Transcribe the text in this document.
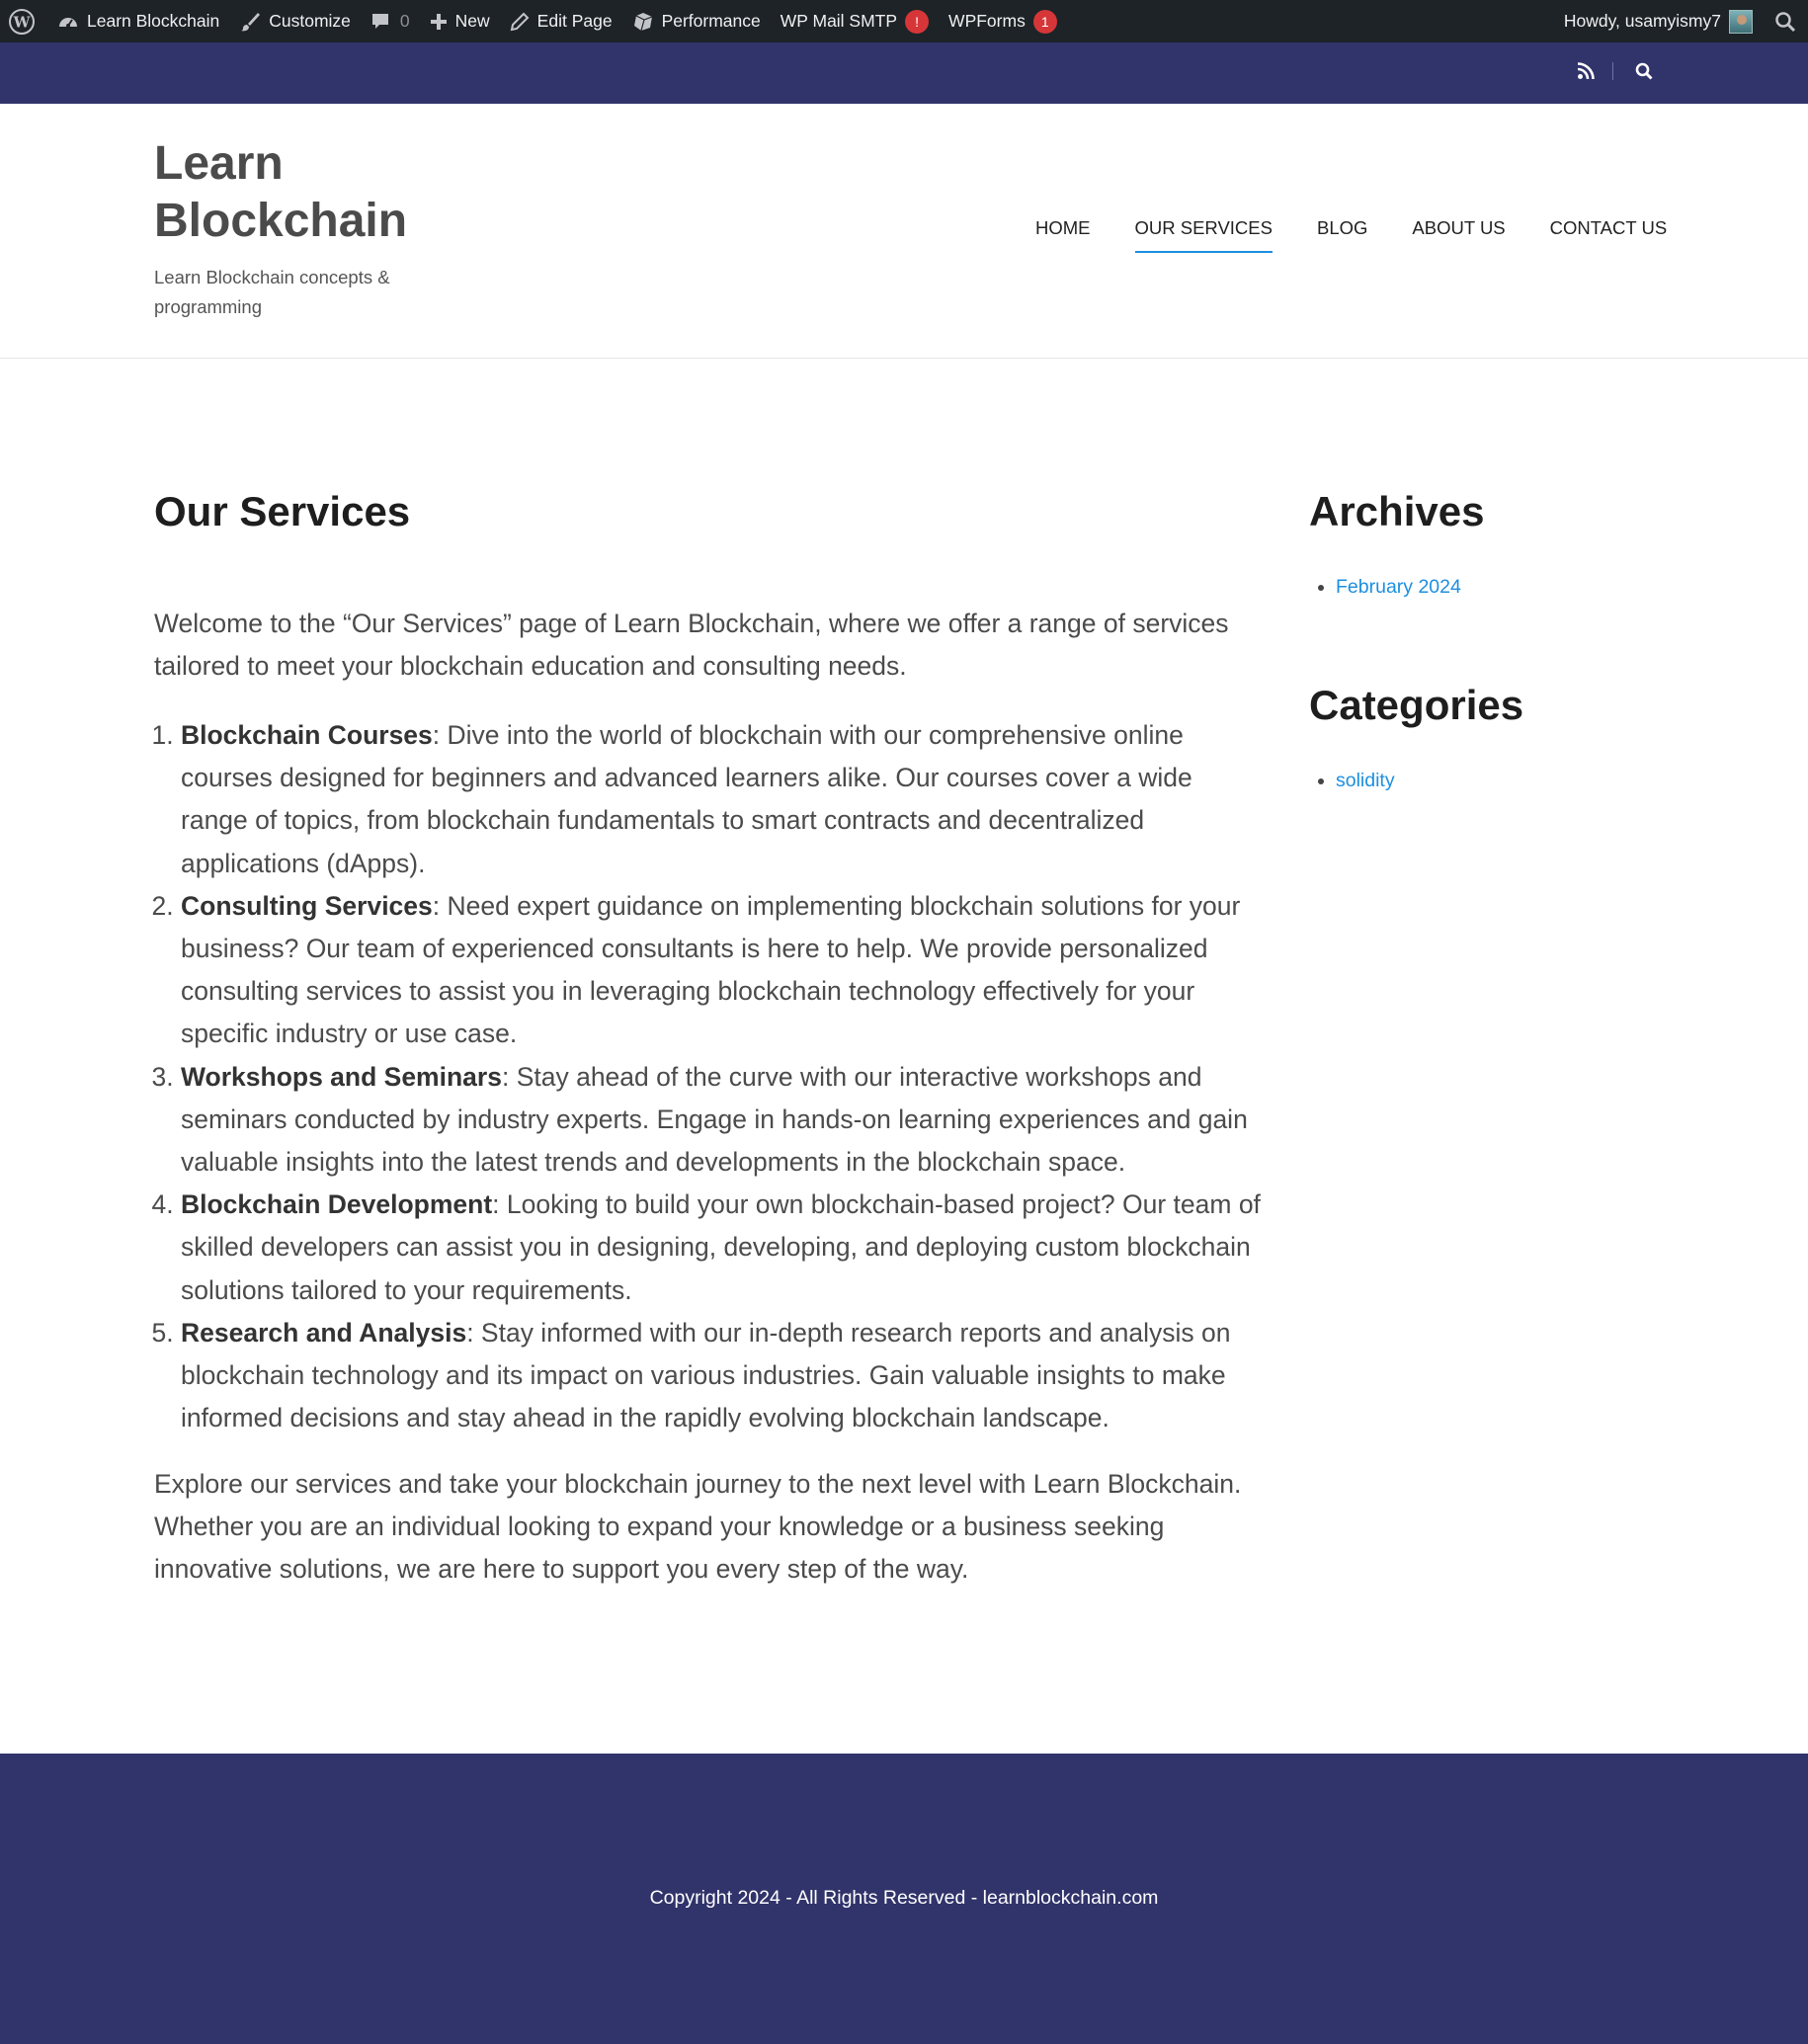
W	Learn Blockchain	Customize	0	New	Edit Page	Performance WP Mail SMTP	!	WPForms	1	Howdy, usamyismy7
Learn Blockchain
Learn Blockchain concepts & programming
HOME OUR SERVICES BLOG ABOUT US CONTACT US
Our Services

Welcome to the “Our Services” page of Learn Blockchain, where we offer a range of services tailored to meet your blockchain education and consulting needs.

1. Blockchain Courses: Dive into the world of blockchain with our comprehensive online courses designed for beginners and advanced learners alike. Our courses cover a wide range of topics, from blockchain fundamentals to smart contracts and decentralized applications (dApps).
2. Consulting Services: Need expert guidance on implementing blockchain solutions for your business? Our team of experienced consultants is here to help. We provide personalized consulting services to assist you in leveraging blockchain technology effectively for your specific industry or use case.
3. Workshops and Seminars: Stay ahead of the curve with our interactive workshops and seminars conducted by industry experts. Engage in hands-on learning experiences and gain valuable insights into the latest trends and developments in the blockchain space.
4. Blockchain Development: Looking to build your own blockchain-based project? Our team of skilled developers can assist you in designing, developing, and deploying custom blockchain solutions tailored to your requirements.
5. Research and Analysis: Stay informed with our in-depth research reports and analysis on blockchain technology and its impact on various industries. Gain valuable insights to make informed decisions and stay ahead in the rapidly evolving blockchain landscape.

Explore our services and take your blockchain journey to the next level with Learn Blockchain. Whether you are an individual looking to expand your knowledge or a business seeking innovative solutions, we are here to support you every step of the way.

Archives
• February 2024
Categories
• solidity
Copyright 2024 - All Rights Reserved - learnblockchain.com
